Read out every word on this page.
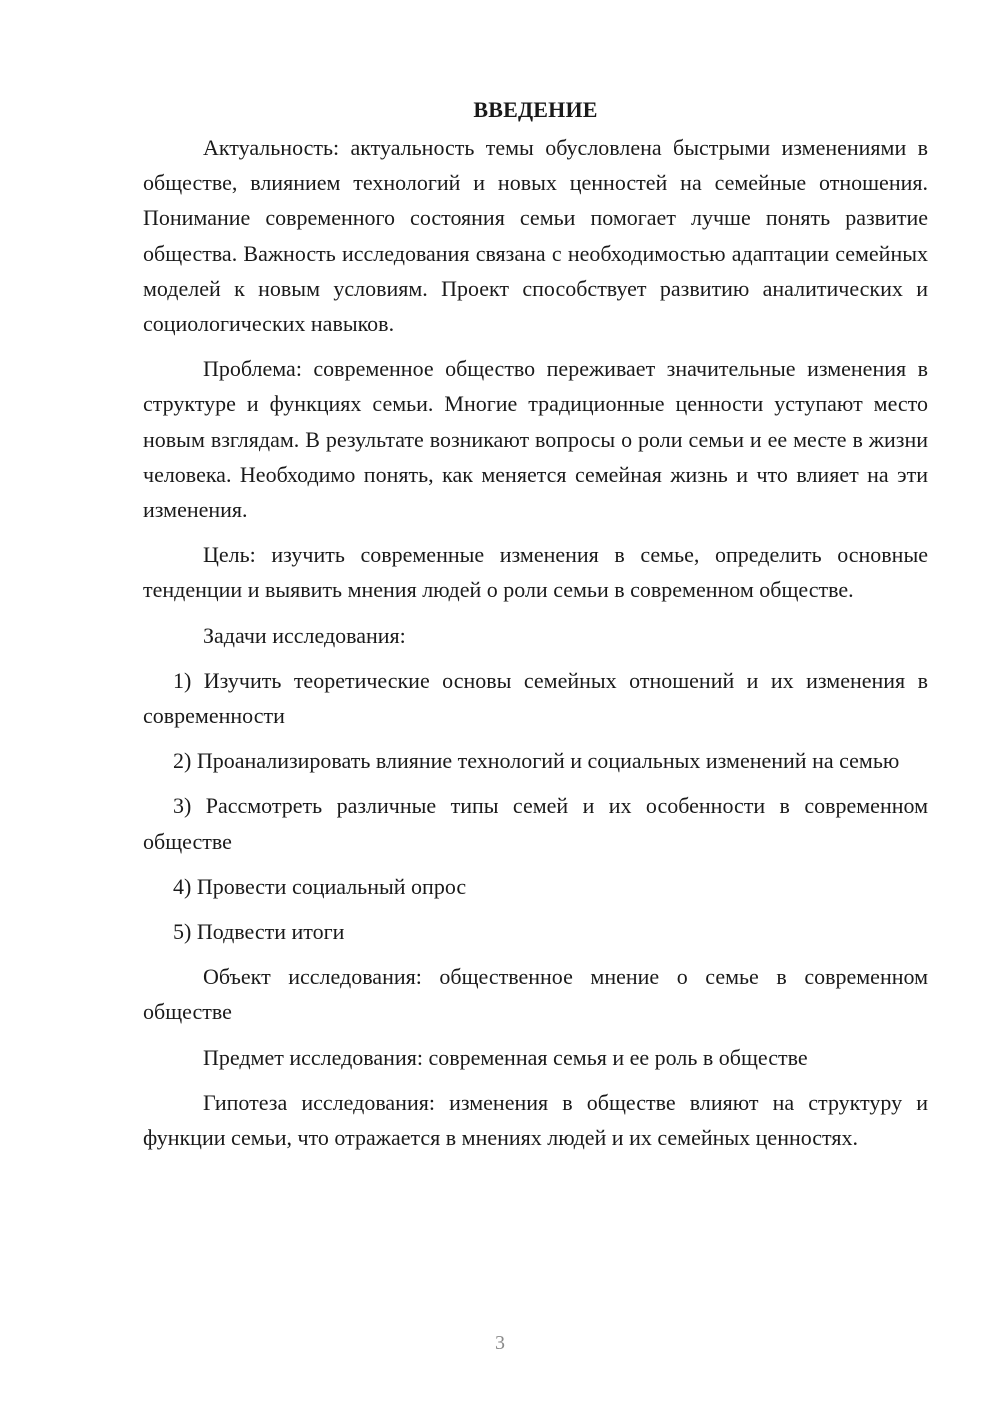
ВВЕДЕНИЕ

Актуальность: актуальность темы обусловлена быстрыми изменениями в обществе, влиянием технологий и новых ценностей на семейные отношения. Понимание современного состояния семьи помогает лучше понять развитие общества. Важность исследования связана с необходимостью адаптации семейных моделей к новым условиям. Проект способствует развитию аналитических и социологических навыков.

Проблема: современное общество переживает значительные изменения в структуре и функциях семьи. Многие традиционные ценности уступают место новым взглядам. В результате возникают вопросы о роли семьи и ее месте в жизни человека. Необходимо понять, как меняется семейная жизнь и что влияет на эти изменения.

Цель: изучить современные изменения в семье, определить основные тенденции и выявить мнения людей о роли семьи в современном обществе.

Задачи исследования:

1) Изучить теоретические основы семейных отношений и их изменения в современности

2) Проанализировать влияние технологий и социальных изменений на семью

3) Рассмотреть различные типы семей и их особенности в современном обществе

4) Провести социальный опрос

5) Подвести итоги

Объект исследования: общественное мнение о семье в современном обществе

Предмет исследования: современная семья и ее роль в обществе

Гипотеза исследования: изменения в обществе влияют на структуру и функции семьи, что отражается в мнениях людей и их семейных ценностях.

3
